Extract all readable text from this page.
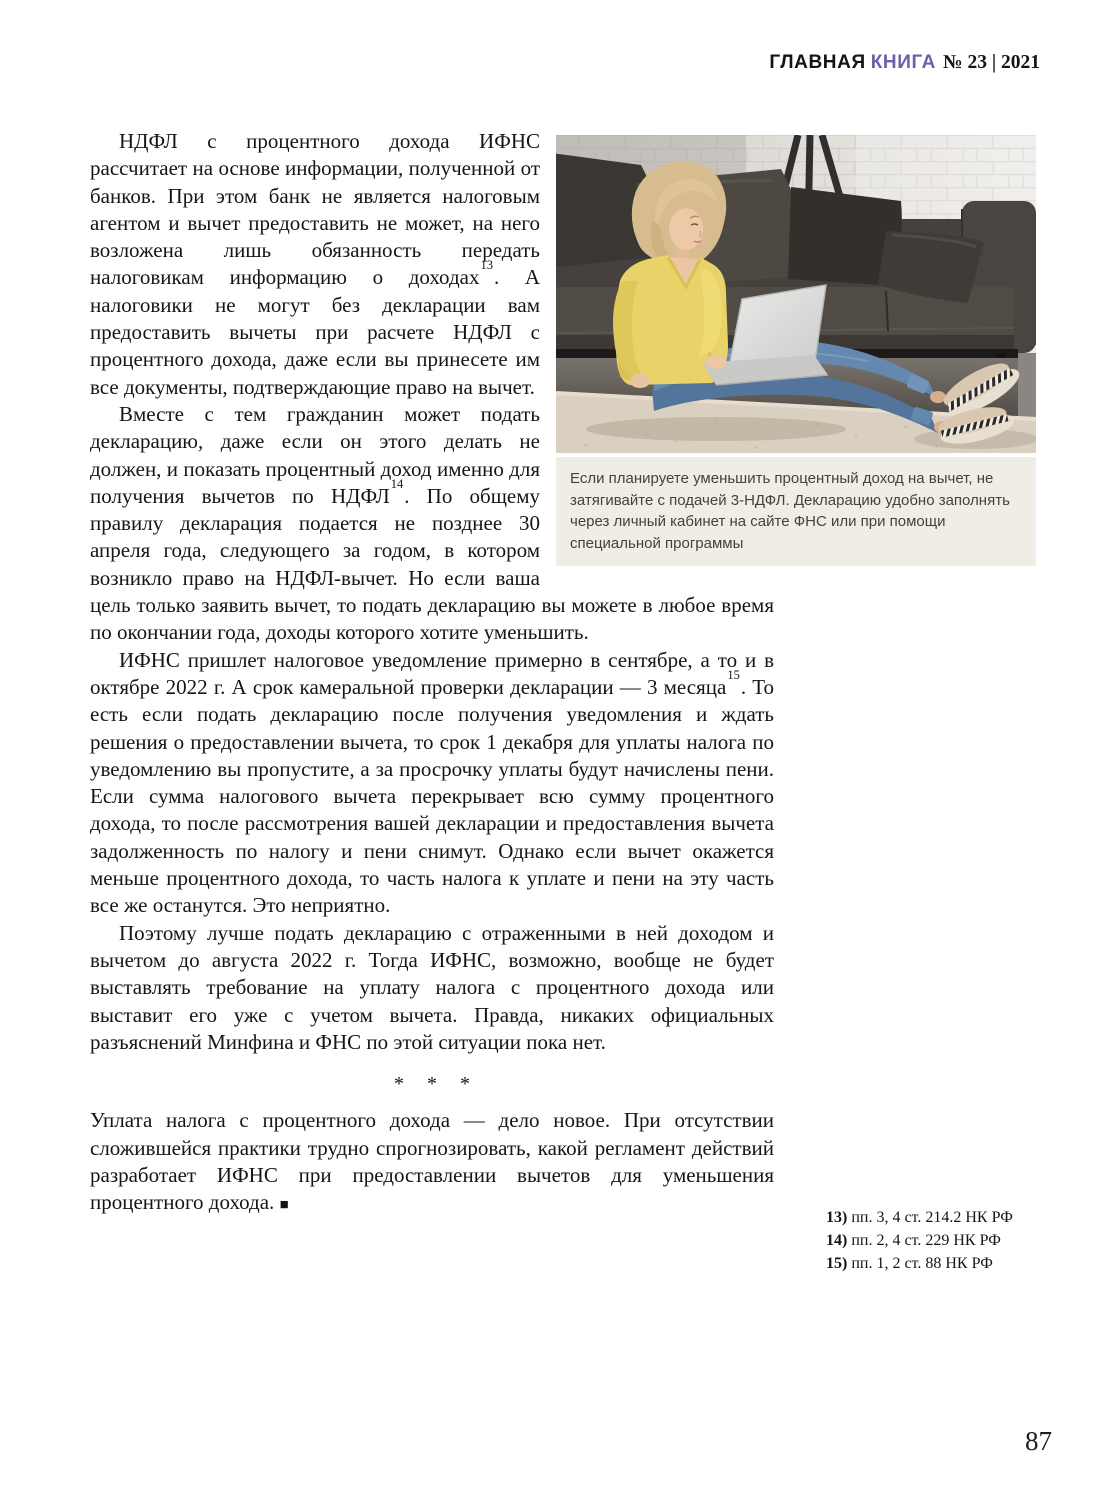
ГЛАВНАЯ КНИГА № 23 | 2021
Если планируете уменьшить процентный доход на вычет, не затягивайте с подачей 3-НДФЛ. Декларацию удобно заполнять через личный кабинет на сайте ФНС или при помощи специальной программы

НДФЛ с процентного дохода ИФНС рассчитает на основе информации, полученной от банков. При этом банк не является налоговым агентом и вычет предоставить не может, на него возложена лишь обязанность передать налоговикам информацию о доходах$^{13}$. А налоговики не могут без декларации вам предоставить вычеты при расчете НДФЛ с процентного дохода, даже если вы принесете им все документы, подтверждающие право на вычет.

Вместе с тем гражданин может подать декларацию, даже если он этого делать не должен, и показать процентный доход именно для получения вычетов по НДФЛ$^{14}$. По общему правилу декларация подается не позднее 30 апреля года, следующего за годом, в котором возникло право на НДФЛ-вычет. Но если ваша цель только заявить вычет, то подать декларацию вы можете в любое время по окончании года, доходы которого хотите уменьшить.

ИФНС пришлет налоговое уведомление примерно в сентябре, а то и в октябре 2022 г. А срок камеральной проверки декларации — 3 месяца$^{15}$. То есть если подать декларацию после получения уведомления и ждать решения о предоставлении вычета, то срок 1 декабря для уплаты налога по уведомлению вы пропустите, а за просрочку уплаты будут начислены пени. Если сумма налогового вычета перекрывает всю сумму процентного дохода, то после рассмотрения вашей декларации и предоставления вычета задолженность по налогу и пени снимут. Однако если вычет окажется меньше процентного дохода, то часть налога к уплате и пени на эту часть все же останутся. Это неприятно.

Поэтому лучше подать декларацию с отраженными в ней доходом и вычетом до августа 2022 г. Тогда ИФНС, возможно, вообще не будет выставлять требование на уплату налога с процентного дохода или выставит его уже с учетом вычета. Правда, никаких официальных разъяснений Минфина и ФНС по этой ситуации пока нет.

* * *

Уплата налога с процентного дохода — дело новое. При отсутствии сложившейся практики трудно спрогнозировать, какой регламент действий разработает ИФНС при предоставлении вычетов для уменьшения процентного дохода. ■

13) пп. 3, 4 ст. 214.2 НК РФ
14) пп. 2, 4 ст. 229 НК РФ
15) пп. 1, 2 ст. 88 НК РФ
87
